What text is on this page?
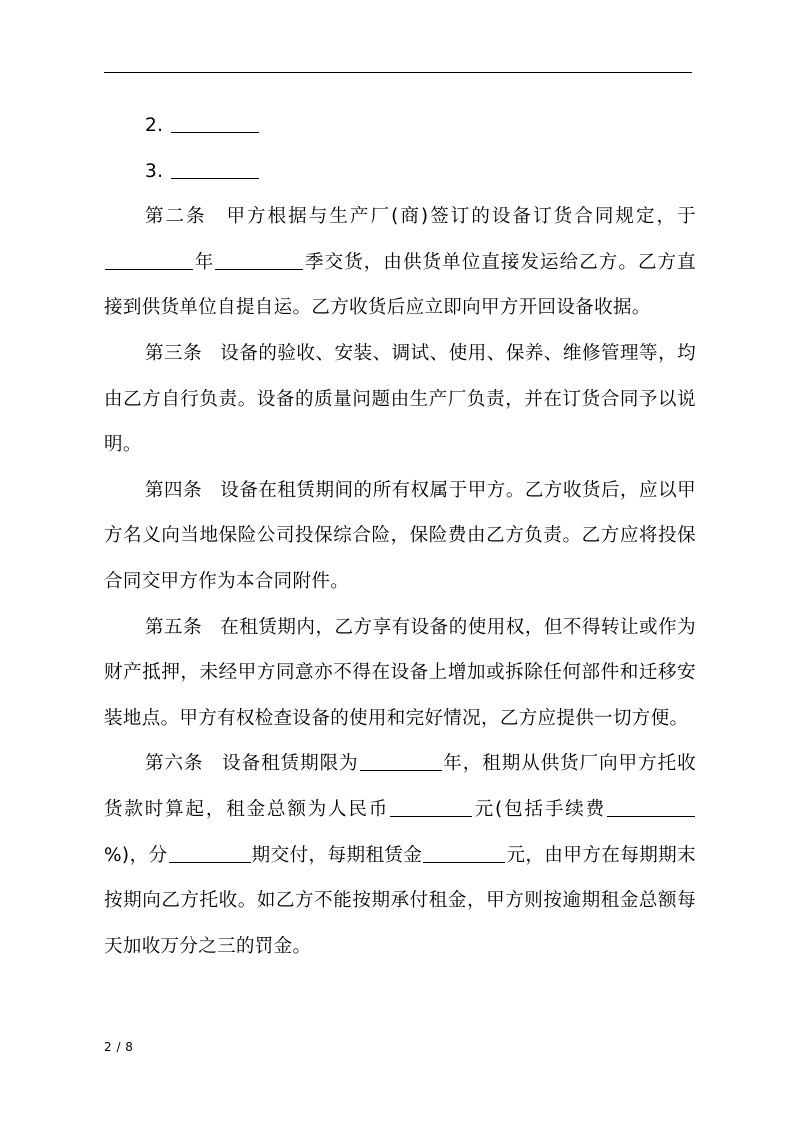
2.

3.

第二条 甲方根据与生产厂(商)签订的设备订货合同规定，于年	季交货，由供货单位直接发运给乙方。乙方直接到供货单位自提自运。乙方收货后应立即向甲方开回设备收据。

第三条 设备的验收、安装、调试、使用、保养、维修管理等，均由乙方自行负责。设备的质量问题由生产厂负责，并在订货合同予以说明。

第四条 设备在租赁期间的所有权属于甲方。乙方收货后，应以甲方名义向当地保险公司投保综合险，保险费由乙方负责。乙方应将投保合同交甲方作为本合同附件。

第五条 在租赁期内，乙方享有设备的使用权，但不得转让或作为财产抵押，未经甲方同意亦不得在设备上增加或拆除任何部件和迁移安装地点。甲方有权检查设备的使用和完好情况，乙方应提供一切方便。

第六条 设备租赁期限为	年，租期从供货厂向甲方托收货款时算起，租金总额为人民币	元(包括手续费%)，分	期交付，每期租赁金	元，由甲方在每期期末按期向乙方托收。如乙方不能按期承付租金，甲方则按逾期租金总额每天加收万分之三的罚金。

2 / 8
